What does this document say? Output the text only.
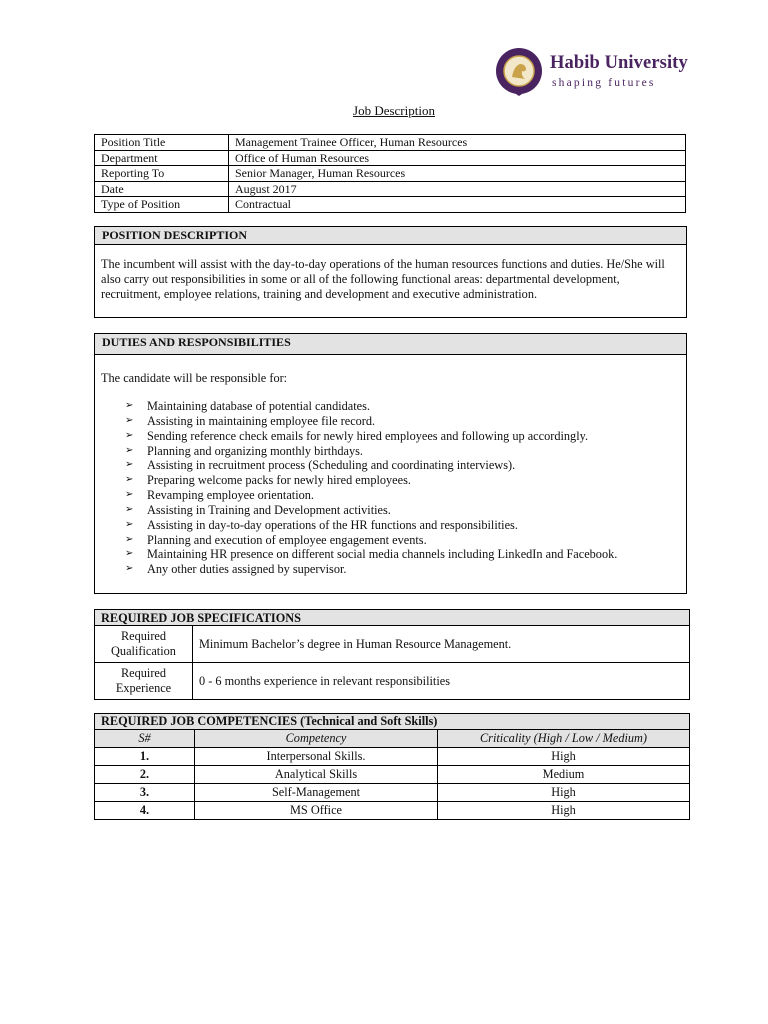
Habib University
shaping futures
Job Description
Position Title	Management Trainee Officer, Human Resources
Department	Office of Human Resources
Reporting To	Senior Manager, Human Resources
Date	August 2017
Type of Position	Contractual
POSITION DESCRIPTION
The incumbent will assist with the day-to-day operations of the human resources functions and duties. He/She will also carry out responsibilities in some or all of the following functional areas: departmental development, recruitment, employee relations, training and development and executive administration.
DUTIES AND RESPONSIBILITIES
The candidate will be responsible for:
➢ Maintaining database of potential candidates.
➢ Assisting in maintaining employee file record.
➢ Sending reference check emails for newly hired employees and following up accordingly.
➢ Planning and organizing monthly birthdays.
➢ Assisting in recruitment process (Scheduling and coordinating interviews).
➢ Preparing welcome packs for newly hired employees.
➢ Revamping employee orientation.
➢ Assisting in Training and Development activities.
➢ Assisting in day-to-day operations of the HR functions and responsibilities.
➢ Planning and execution of employee engagement events.
➢ Maintaining HR presence on different social media channels including LinkedIn and Facebook.
➢ Any other duties assigned by supervisor.
REQUIRED JOB SPECIFICATIONS	

Required
Qualification	Minimum Bachelor’s degree in Human Resource Management.

Required
Experience	0 - 6 months experience in relevant responsibilities
REQUIRED JOB COMPETENCIES (Technical and Soft Skills)		
S#	Competency	Criticality (High / Low / Medium)
1.	Interpersonal Skills.	High
2.	Analytical Skills	Medium
3.	Self-Management	High
4.	MS Office	High
